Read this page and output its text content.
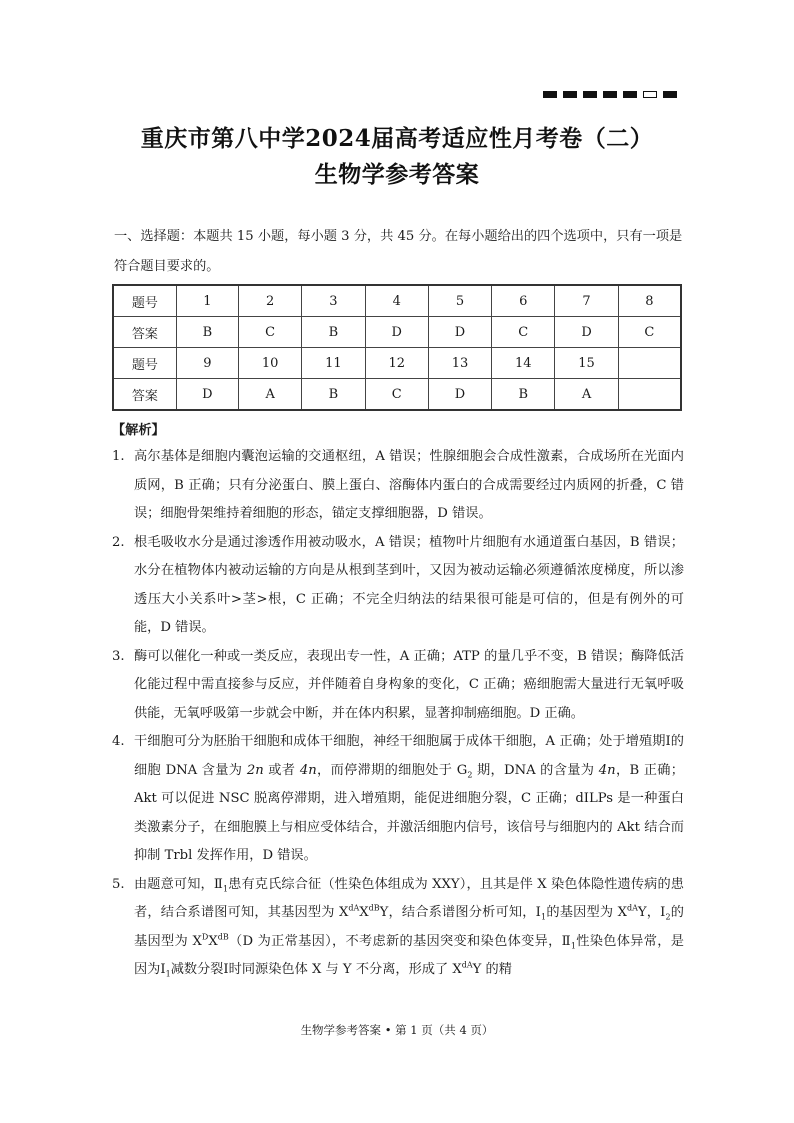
重庆市第八中学2024届高考适应性月考卷（二）
生物学参考答案
一、选择题：本题共 15 小题，每小题 3 分，共 45 分。在每小题给出的四个选项中，只有一项是符合题目要求的。
题号	1	2	3	4	5	6	7	8
答案	B	C	B	D	D	C	D	C
题号	9	10	11	12	13	14	15	
答案	D	A	B	C	D	B	A	
【解析】
1. 高尔基体是细胞内囊泡运输的交通枢纽，A 错误；性腺细胞会合成性激素，合成场所在光面内质网，B 正确；只有分泌蛋白、膜上蛋白、溶酶体内蛋白的合成需要经过内质网的折叠，C 错误；细胞骨架维持着细胞的形态，锚定支撑细胞器，D 错误。
2. 根毛吸收水分是通过渗透作用被动吸水，A 错误；植物叶片细胞有水通道蛋白基因，B 错误；水分在植物体内被动运输的方向是从根到茎到叶，又因为被动运输必须遵循浓度梯度，所以渗透压大小关系叶>茎>根，C 正确；不完全归纳法的结果很可能是可信的，但是有例外的可能，D 错误。
3. 酶可以催化一种或一类反应，表现出专一性，A 正确；ATP 的量几乎不变，B 错误；酶降低活化能过程中需直接参与反应，并伴随着自身构象的变化，C 正确；癌细胞需大量进行无氧呼吸供能，无氧呼吸第一步就会中断，并在体内积累，显著抑制癌细胞。D 正确。
4. 干细胞可分为胚胎干细胞和成体干细胞，神经干细胞属于成体干细胞，A 正确；处于增殖期Ⅰ的细胞 DNA 含量为 2n 或者 4n，而停滞期的细胞处于 $G_2$ 期，DNA 的含量为 4n，B 正确；Akt 可以促进 NSC 脱离停滞期，进入增殖期，能促进细胞分裂，C 正确；dILPs 是一种蛋白类激素分子，在细胞膜上与相应受体结合，并激活细胞内信号，该信号与细胞内的 Akt 结合而抑制 Trbl 发挥作用，D 错误。
5. 由题意可知，$Ⅱ_1$患有克氏综合征（性染色体组成为 XXY），且其是伴 X 染色体隐性遗传病的患者，结合系谱图可知，其基因型为 $X^{dA}X^{dB}Y$，结合系谱图分析可知，$Ⅰ_1$的基因型为 $X^{dA}Y$，$Ⅰ_2$的基因型为 $X^DX^{dB}(D$ 为正常基因），不考虑新的基因突变和染色体变异，$Ⅱ_1$性染色体异常，是因为$Ⅰ_1$减数分裂Ⅰ时同源染色体 X 与 Y 不分离，形成了 $X^{dA}Y$ 的精
生物学参考答案 • 第 1 页（共 4 页）
